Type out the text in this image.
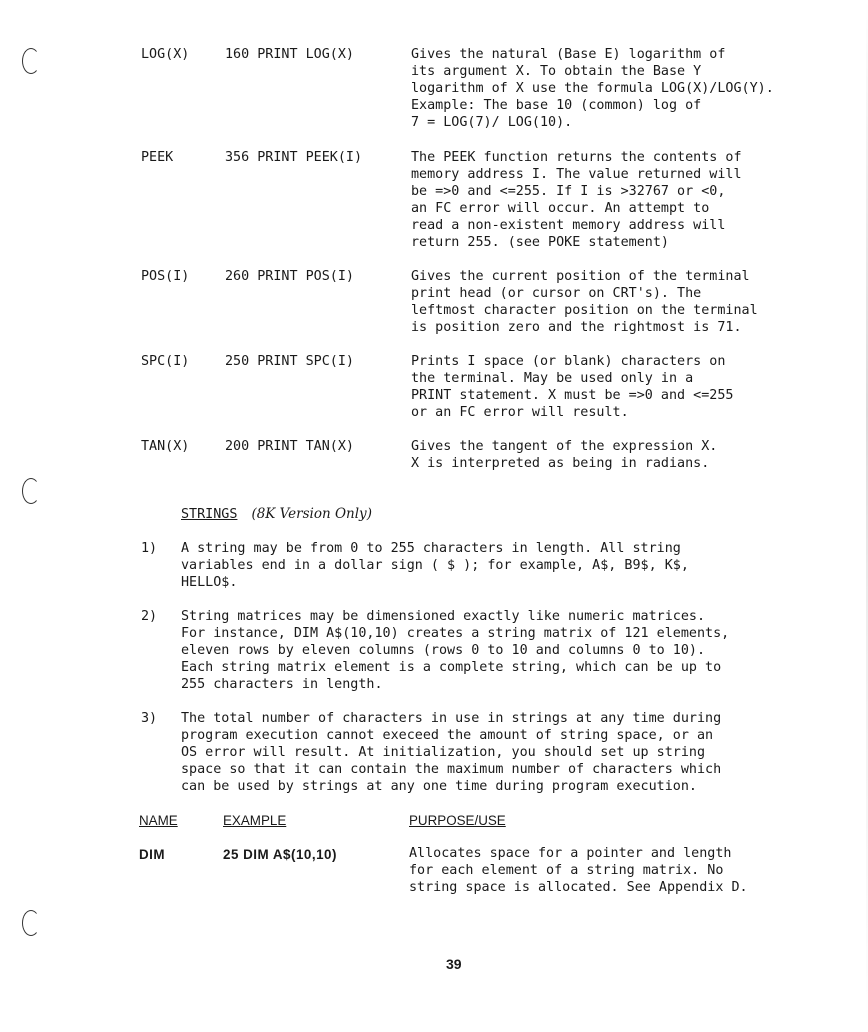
LOG(X)	160 PRINT LOG(X)	Gives the natural (Base E) logarithm of
its argument X. To obtain the Base Y
logarithm of X use the formula LOG(X)/LOG(Y).
Example: The base 10 (common) log of
7 = LOG(7)/ LOG(10).
PEEK	356 PRINT PEEK(I)	The PEEK function returns the contents of
memory address I. The value returned will
be =>0 and <=255. If I is >32767 or <0,
an FC error will occur. An attempt to
read a non-existent memory address will
return 255. (see POKE statement)
POS(I)	260 PRINT POS(I)	Gives the current position of the terminal
print head (or cursor on CRT's). The
leftmost character position on the terminal
is position zero and the rightmost is 71.
SPC(I)	250 PRINT SPC(I)	Prints I space (or blank) characters on
the terminal. May be used only in a
PRINT statement. X must be =>0 and <=255
or an FC error will result.
TAN(X)	200 PRINT TAN(X)	Gives the tangent of the expression X.
X is interpreted as being in radians.
STRINGS (8K Version Only)
1) A string may be from 0 to 255 characters in length. All string
variables end in a dollar sign ( $ ); for example, A$, B9$, K$,
HELLO$.
2) String matrices may be dimensioned exactly like numeric matrices.
For instance, DIM A$(10,10) creates a string matrix of 121 elements,
eleven rows by eleven columns (rows 0 to 10 and columns 0 to 10).
Each string matrix element is a complete string, which can be up to
255 characters in length.
3) The total number of characters in use in strings at any time during
program execution cannot execeed the amount of string space, or an
OS error will result. At initialization, you should set up string
space so that it can contain the maximum number of characters which
can be used by strings at any one time during program execution.
NAME	EXAMPLE	PURPOSE/USE
DIM	25 DIM A$(10,10)	Allocates space for a pointer and length
for each element of a string matrix. No
string space is allocated. See Appendix D.
39
